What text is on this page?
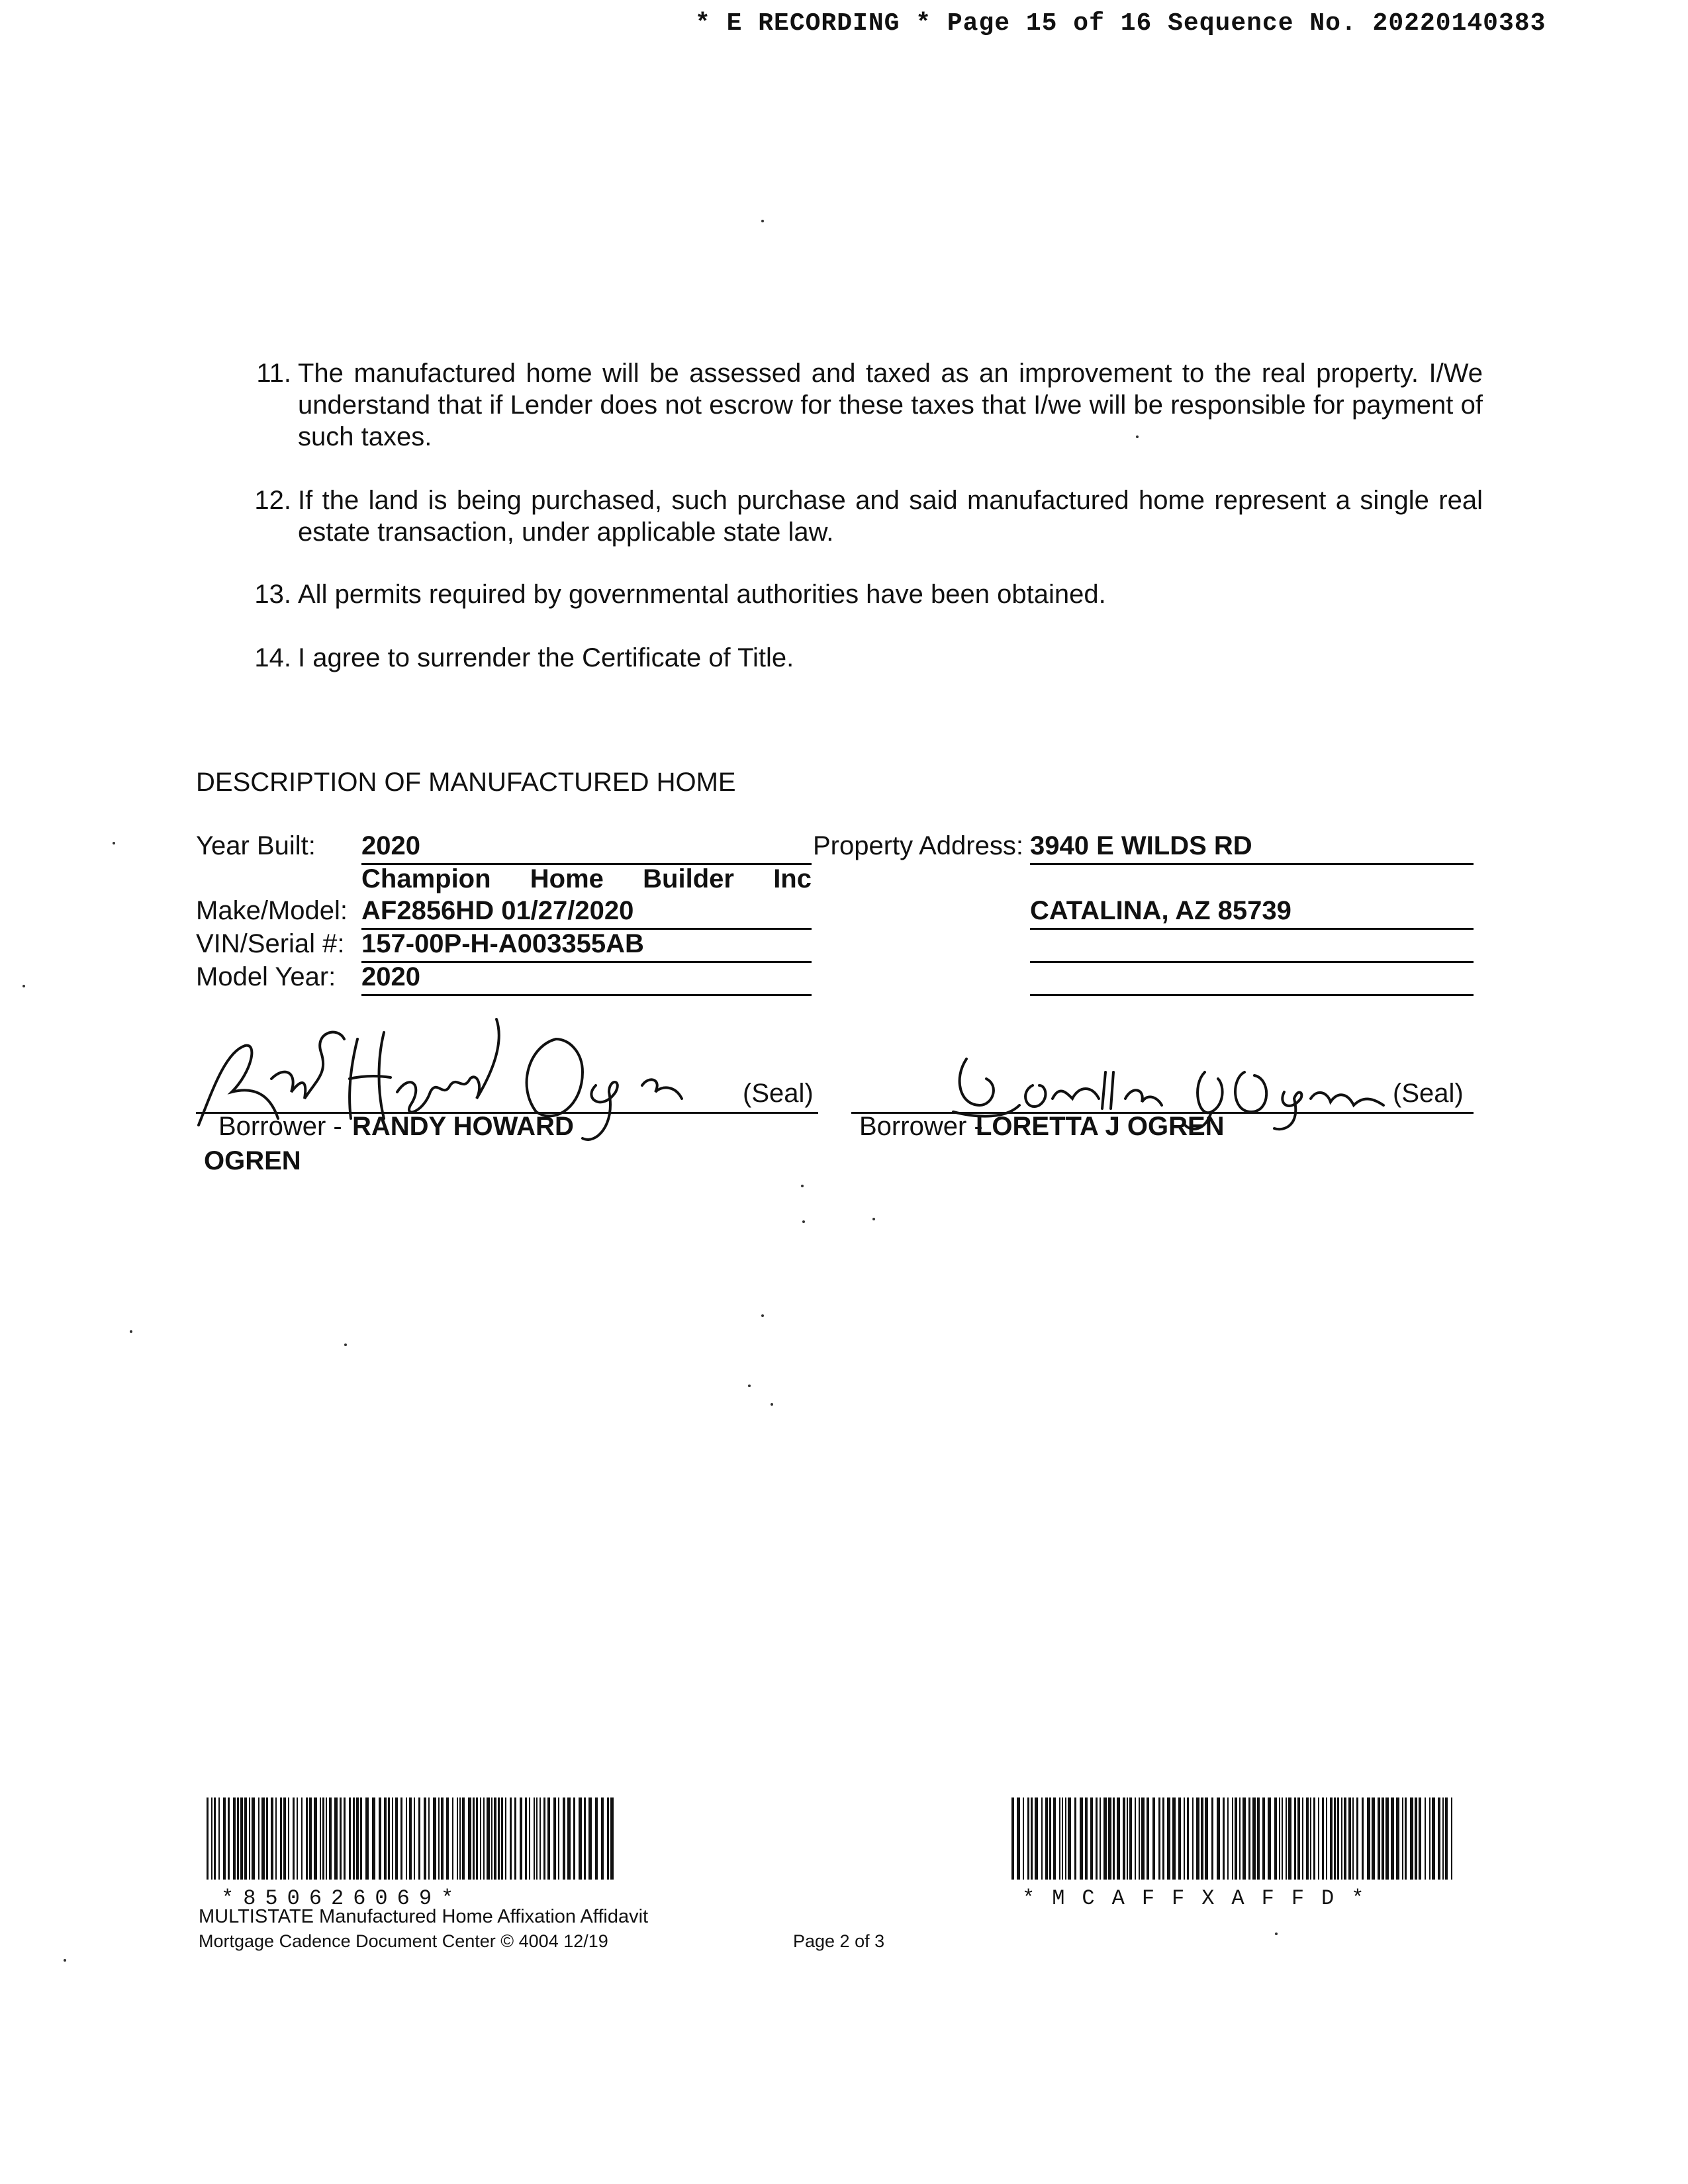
* E RECORDING * Page 15 of 16 Sequence No. 20220140383
11. The manufactured home will be assessed and taxed as an improvement to the real property. I/We understand that if Lender does not escrow for these taxes that I/we will be responsible for payment of such taxes.
12. If the land is being purchased, such purchase and said manufactured home represent a single real estate transaction, under applicable state law.
13. All permits required by governmental authorities have been obtained.
14. I agree to surrender the Certificate of Title.
DESCRIPTION OF MANUFACTURED HOME
Year Built: 2020
Champion Home Builder Inc
Make/Model: AF2856HD 01/27/2020
VIN/Serial #: 157-00P-H-A003355AB
Model Year: 2020
Property Address: 3940 E WILDS RD
CATALINA, AZ 85739
(Seal)
Borrower - RANDY HOWARD
OGREN
(Seal)
Borrower -
LORETTA J OGREN
*850626069*	*MCAFFXAFFD*
MULTISTATE Manufactured Home Affixation Affidavit
Mortgage Cadence Document Center © 4004 12/19	Page 2 of 3
